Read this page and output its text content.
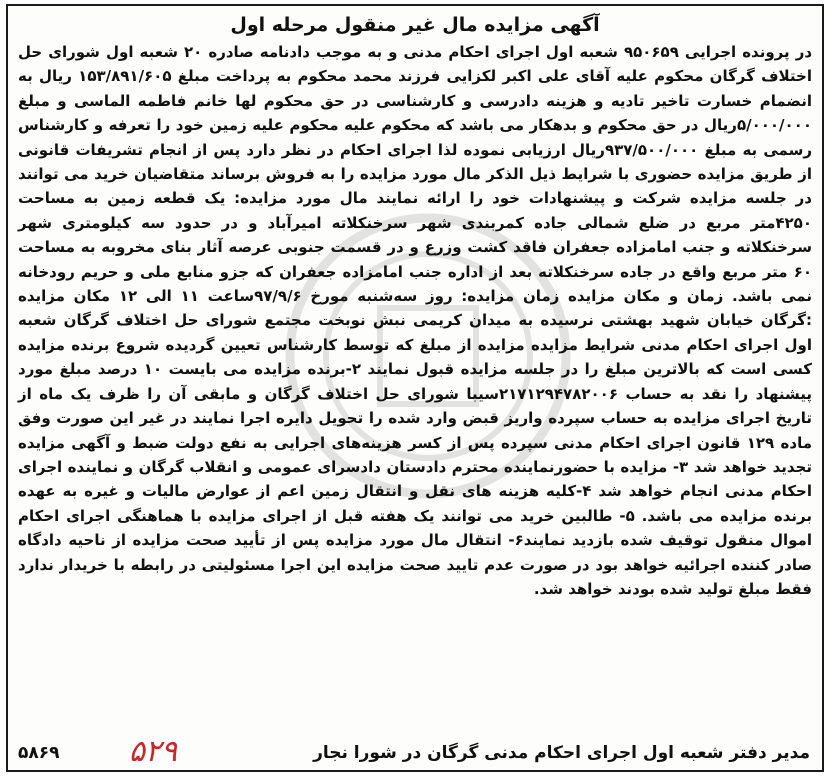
آگهی مزایده مال غیر منقول مرحله اول
در پرونده اجرایی ۹۵۰۶۵۹ شعبه اول اجرای احکام مدنی و به موجب دادنامه صادره ۲۰ شعبه اول شورای حل اختلاف گرگان محکوم علیه آقای علی اکبر لکزایی فرزند محمد محکوم به پرداخت مبلغ ۱۵۳/۸۹۱/۶۰۵ ریال به انضمام خسارت تاخیر تادیه و هزینه دادرسی و کارشناسی در حق محکوم لها خانم فاطمه الماسی و مبلغ ۵/۰۰۰/۰۰۰ریال در حق محکوم و بدهکار می باشد که محکوم علیه محکوم علیه زمین خود را تعرفه و کارشناس رسمی به مبلغ ۹۳۷/۵۰۰/۰۰۰ریال ارزیابی نموده لذا اجرای احکام در نظر دارد پس از انجام تشریفات قانونی از طریق مزایده حضوری با شرایط ذیل الذکر مال مورد مزایده را به فروش برساند متقاضیان خرید می توانند در جلسه مزایده شرکت و پیشنهادات خود را ارائه نمایند مال مورد مزایده: یک قطعه زمین به مساحت ۴۲۵۰متر مربع در ضلع شمالی جاده کمربندی شهر سرخنکلاته امیرآباد و در حدود سه کیلومتری شهر سرخنکلاته و جنب امامزاده جعفران فاقد کشت وزرع و در قسمت جنوبی عرصه آثار بنای مخروبه به مساحت ۶۰ متر مربع واقع در جاده سرخنکلاته بعد از اداره جنب امامزاده جعفران که جزو منابع ملی و حریم رودخانه نمی باشد. زمان و مکان مزایده زمان مزایده: روز سه‌شنبه مورخ ۹۷/۹/۶ساعت ۱۱ الی ۱۲ مکان مزایده :گرگان خیابان شهید بهشتی نرسیده به میدان کریمی نبش نوبخت مجتمع شورای حل اختلاف گرگان شعبه اول اجرای احکام مدنی شرایط مزایده مزایده از مبلغ که توسط کارشناس تعیین گردیده شروع برنده مزایده کسی است که بالاترین مبلغ را در جلسه مزایده قبول نمایند ۲-برنده مزایده می بایست ۱۰ درصد مبلغ مورد پیشنهاد را نقد به حساب ۲۱۷۱۲۹۴۷۸۲۰۰۶سیبا شورای حل اختلاف گرگان و مابقی آن را ظرف یک ماه از تاریخ اجرای مزایده به حساب سپرده واریز قبض وارد شده را تحویل دایره اجرا نمایند در غیر این صورت وفق ماده ۱۲۹ قانون اجرای احکام مدنی سپرده پس از کسر هزینه‌های اجرایی به نفع دولت ضبط و آگهی مزایده تجدید خواهد شد ۳- مزایده با حضورنماینده محترم دادستان دادسرای عمومی و انقلاب گرگان و نماینده اجرای احکام مدنی انجام خواهد شد ۴-کلیه هزینه های نقل و انتقال زمین اعم از عوارض مالیات و غیره به عهده برنده مزایده می باشد. ۵- طالبین خرید می توانند یک هفته قبل از اجرای مزایده با هماهنگی اجرای احکام اموال منقول توقیف شده بازدید نمایند۶- انتقال مال مورد مزایده پس از تأیید صحت مزایده از ناحیه دادگاه صادر کننده اجرائیه خواهد بود در صورت عدم تایید صحت مزایده این اجرا مسئولیتی در رابطه با خریدار ندارد فقط مبلغ تولید شده بودند خواهد شد.
مدیر دفتر شعبه اول اجرای احکام مدنی گرگان در شورا نجار
۵۸۶۹ ۵۲۹
